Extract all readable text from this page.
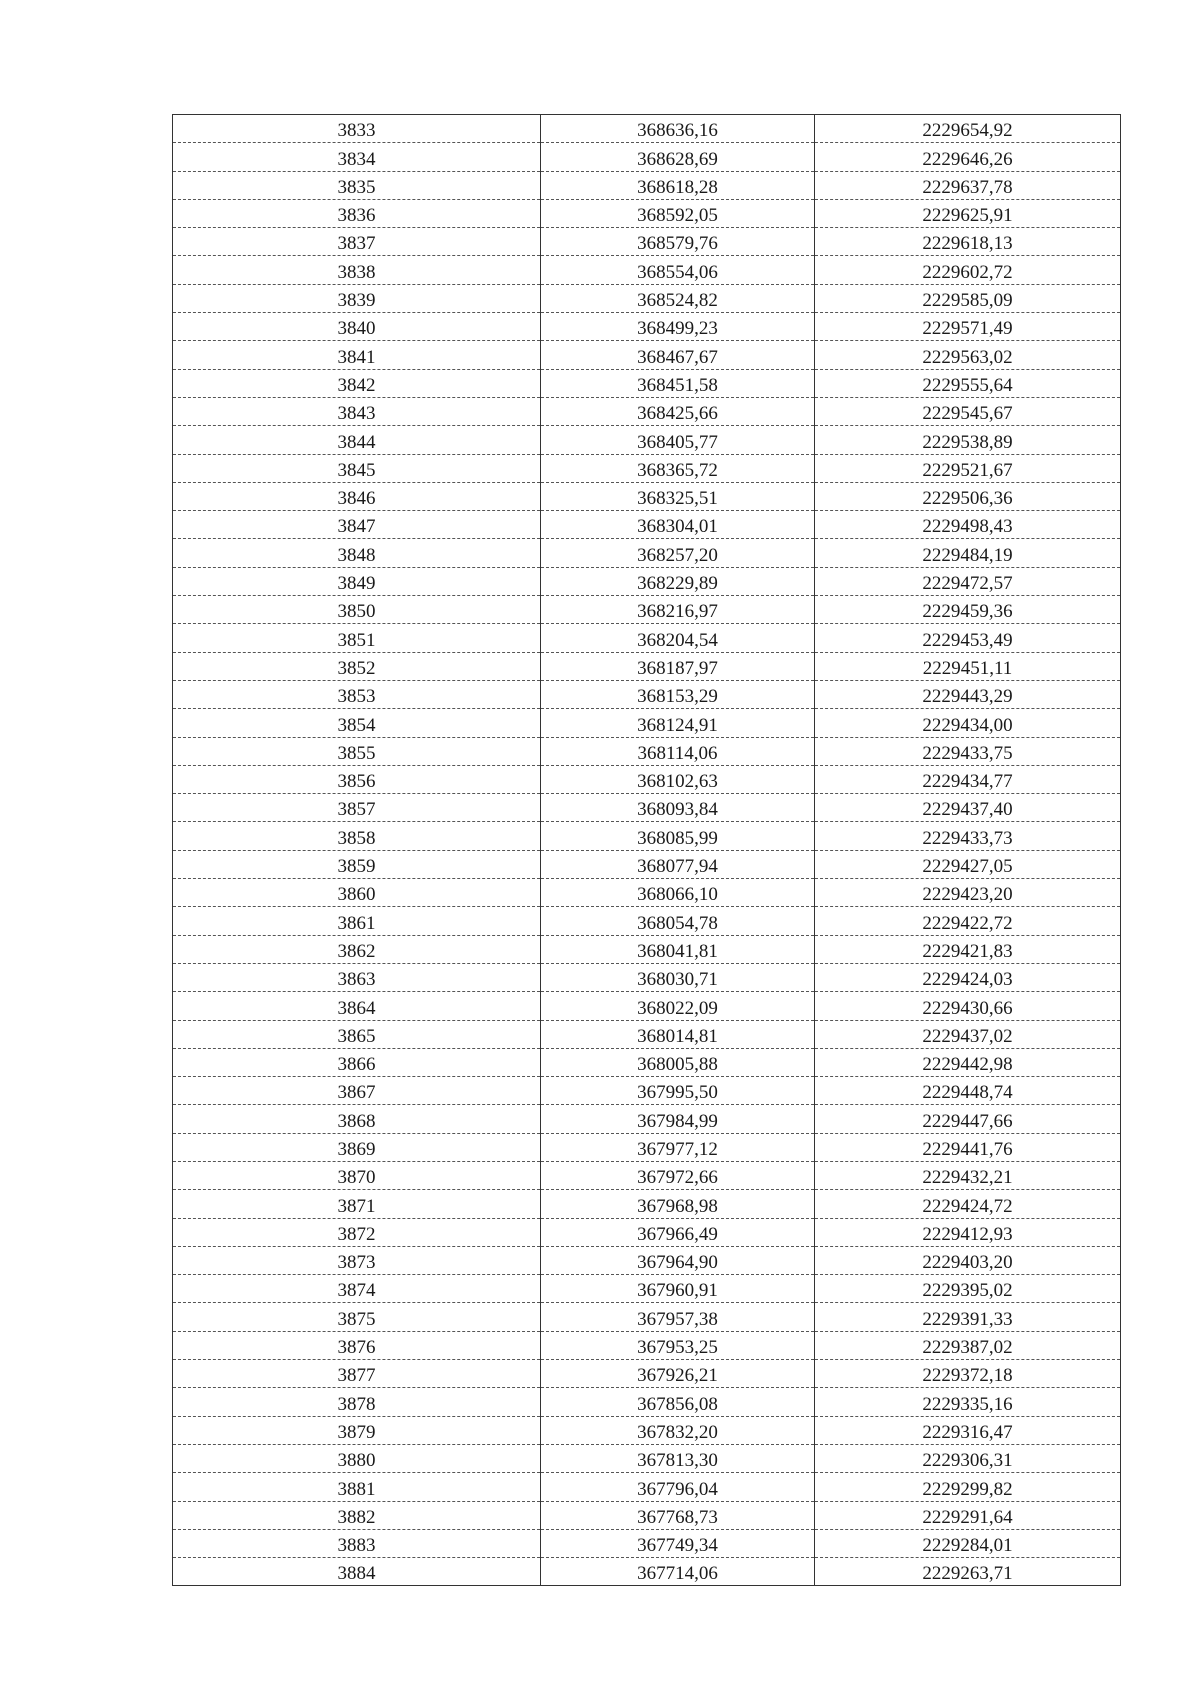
3833	368636,16	2229654,92
3834	368628,69	2229646,26
3835	368618,28	2229637,78
3836	368592,05	2229625,91
3837	368579,76	2229618,13
3838	368554,06	2229602,72
3839	368524,82	2229585,09
3840	368499,23	2229571,49
3841	368467,67	2229563,02
3842	368451,58	2229555,64
3843	368425,66	2229545,67
3844	368405,77	2229538,89
3845	368365,72	2229521,67
3846	368325,51	2229506,36
3847	368304,01	2229498,43
3848	368257,20	2229484,19
3849	368229,89	2229472,57
3850	368216,97	2229459,36
3851	368204,54	2229453,49
3852	368187,97	2229451,11
3853	368153,29	2229443,29
3854	368124,91	2229434,00
3855	368114,06	2229433,75
3856	368102,63	2229434,77
3857	368093,84	2229437,40
3858	368085,99	2229433,73
3859	368077,94	2229427,05
3860	368066,10	2229423,20
3861	368054,78	2229422,72
3862	368041,81	2229421,83
3863	368030,71	2229424,03
3864	368022,09	2229430,66
3865	368014,81	2229437,02
3866	368005,88	2229442,98
3867	367995,50	2229448,74
3868	367984,99	2229447,66
3869	367977,12	2229441,76
3870	367972,66	2229432,21
3871	367968,98	2229424,72
3872	367966,49	2229412,93
3873	367964,90	2229403,20
3874	367960,91	2229395,02
3875	367957,38	2229391,33
3876	367953,25	2229387,02
3877	367926,21	2229372,18
3878	367856,08	2229335,16
3879	367832,20	2229316,47
3880	367813,30	2229306,31
3881	367796,04	2229299,82
3882	367768,73	2229291,64
3883	367749,34	2229284,01
3884	367714,06	2229263,71
